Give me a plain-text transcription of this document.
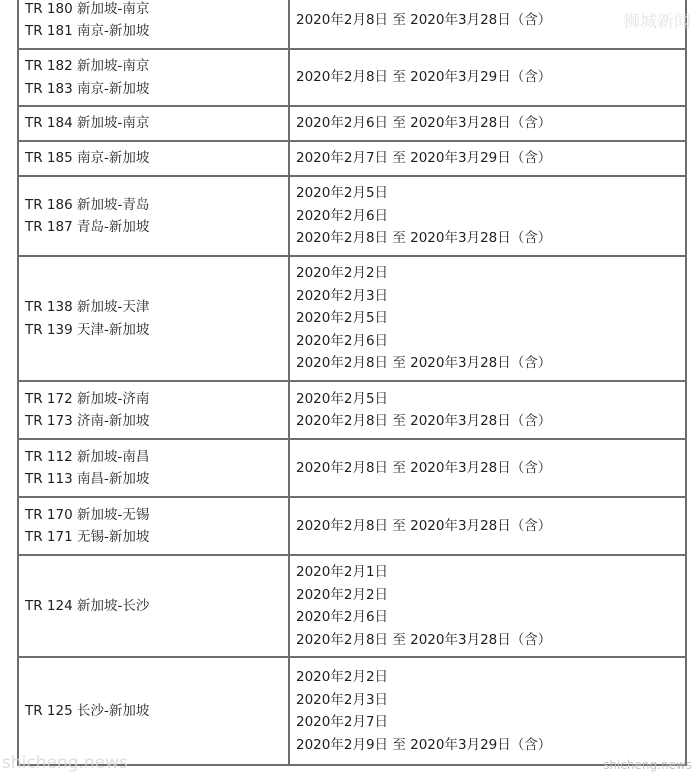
TR 180 新加坡-南京
TR 181 南京-新加坡	2020年2月8日 至 2020年3月28日（含）

TR 182 新加坡-南京
TR 183 南京-新加坡	2020年2月8日 至 2020年3月29日（含）

TR 184 新加坡-南京	2020年2月6日 至 2020年3月28日（含）

TR 185 南京-新加坡	2020年2月7日 至 2020年3月29日（含）

TR 186 新加坡-青岛
TR 187 青岛-新加坡	2020年2月5日
2020年2月6日
2020年2月8日 至 2020年3月28日（含）

TR 138 新加坡-天津
TR 139 天津-新加坡	2020年2月2日
2020年2月3日
2020年2月5日
2020年2月6日
2020年2月8日 至 2020年3月28日（含）

TR 172 新加坡-济南
TR 173 济南-新加坡	2020年2月5日
2020年2月8日 至 2020年3月28日（含）

TR 112 新加坡-南昌
TR 113 南昌-新加坡	2020年2月8日 至 2020年3月28日（含）

TR 170 新加坡-无锡
TR 171 无锡-新加坡	2020年2月8日 至 2020年3月28日（含）

TR 124 新加坡-长沙	2020年2月1日
2020年2月2日
2020年2月6日
2020年2月8日 至 2020年3月28日（含）

TR 125 长沙-新加坡	2020年2月2日
2020年2月3日
2020年2月7日
2020年2月9日 至 2020年3月29日（含）
狮城新闻
shicheng.news	shicheng.news
